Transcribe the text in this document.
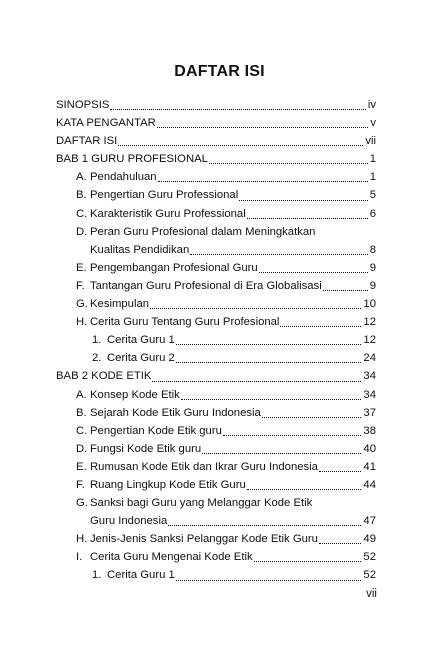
DAFTAR ISI
SINOPSIS	iv
KATA PENGANTAR	v
DAFTAR ISI	vii
BAB 1 GURU PROFESIONAL	1
A. Pendahuluan	1
B. Pengertian Guru Professional	5
C. Karakteristik Guru Professional	6
D. Peran Guru Profesional dalam Meningkatkan
Kualitas Pendidikan	8
E. Pengembangan Profesional Guru	9
F. Tantangan Guru Profesional di Era Globalisasi	9
G. Kesimpulan	10
H. Cerita Guru Tentang Guru Profesional	12
1. Cerita Guru 1	12
2. Cerita Guru 2	24
BAB 2 KODE ETIK	34
A. Konsep Kode Etik	34
B. Sejarah Kode Etik Guru Indonesia	37
C. Pengertian Kode Etik guru	38
D. Fungsi Kode Etik guru	40
E. Rumusan Kode Etik dan Ikrar Guru Indonesia	41
F. Ruang Lingkup Kode Etik Guru	44
G. Sanksi bagi Guru yang Melanggar Kode Etik
Guru Indonesia	47
H. Jenis-Jenis Sanksi Pelanggar Kode Etik Guru	49
I. Cerita Guru Mengenai Kode Etik	52
1. Cerita Guru 1	52
vii
